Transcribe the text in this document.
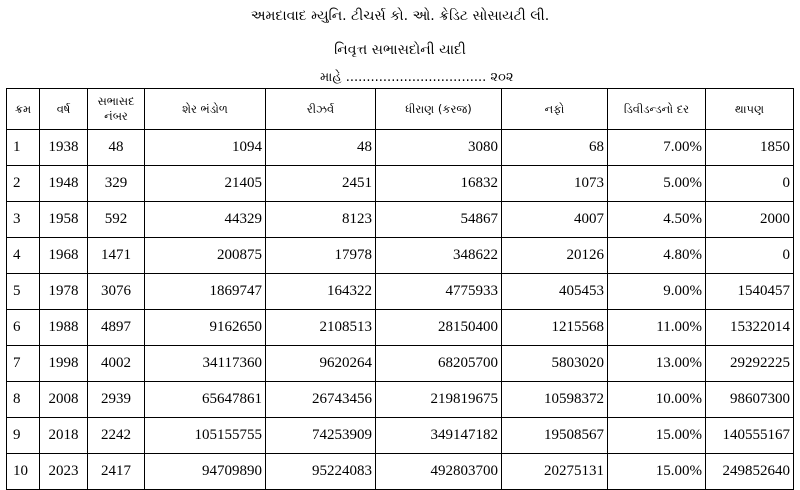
અમદાવાદ મ્યુનિ. ટીચર્સ કો. ઓ. ક્રેડિટ સોસાયટી લી.
નિવૃત્ત સભાસદોની યાદી
માહે .................................. ૨૦૨
ક્રમ	વર્ષ	સભાસદ નંબર	શેર ભંડોળ	રીઝર્વ	ધીરાણ (કરજ)	નફો	ડિવીડન્ડનો દર	થાપણ
1	1938	48	1094	48	3080	68	7.00%	1850
2	1948	329	21405	2451	16832	1073	5.00%	0
3	1958	592	44329	8123	54867	4007	4.50%	2000
4	1968	1471	200875	17978	348622	20126	4.80%	0
5	1978	3076	1869747	164322	4775933	405453	9.00%	1540457
6	1988	4897	9162650	2108513	28150400	1215568	11.00%	15322014
7	1998	4002	34117360	9620264	68205700	5803020	13.00%	29292225
8	2008	2939	65647861	26743456	219819675	10598372	10.00%	98607300
9	2018	2242	105155755	74253909	349147182	19508567	15.00%	140555167
10	2023	2417	94709890	95224083	492803700	20275131	15.00%	249852640
